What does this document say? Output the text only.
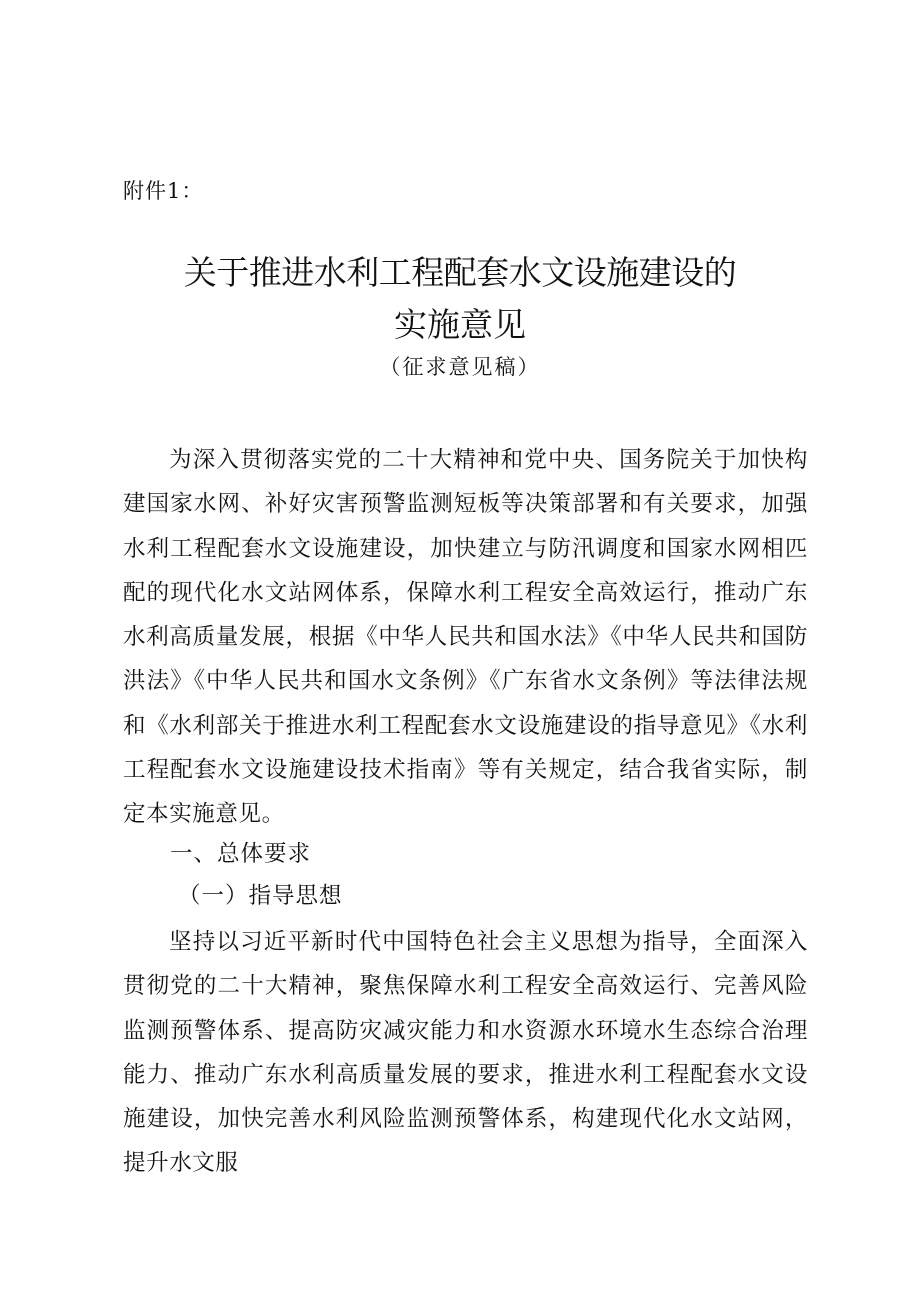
附件1：
关于推进水利工程配套水文设施建设的
实施意见
（征求意见稿）

为深入贯彻落实党的二十大精神和党中央、国务院关于加快构建国家水网、补好灾害预警监测短板等决策部署和有关要求，加强水利工程配套水文设施建设，加快建立与防汛调度和国家水网相匹配的现代化水文站网体系，保障水利工程安全高效运行，推动广东水利高质量发展，根据《中华人民共和国水法》《中华人民共和国防洪法》《中华人民共和国水文条例》《广东省水文条例》等法律法规和《水利部关于推进水利工程配套水文设施建设的指导意见》《水利工程配套水文设施建设技术指南》等有关规定，结合我省实际，制定本实施意见。

一、总体要求
（一）指导思想

坚持以习近平新时代中国特色社会主义思想为指导，全面深入贯彻党的二十大精神，聚焦保障水利工程安全高效运行、完善风险监测预警体系、提高防灾减灾能力和水资源水环境水生态综合治理能力、推动广东水利高质量发展的要求，推进水利工程配套水文设施建设，加快完善水利风险监测预警体系，构建现代化水文站网，提升水文服
